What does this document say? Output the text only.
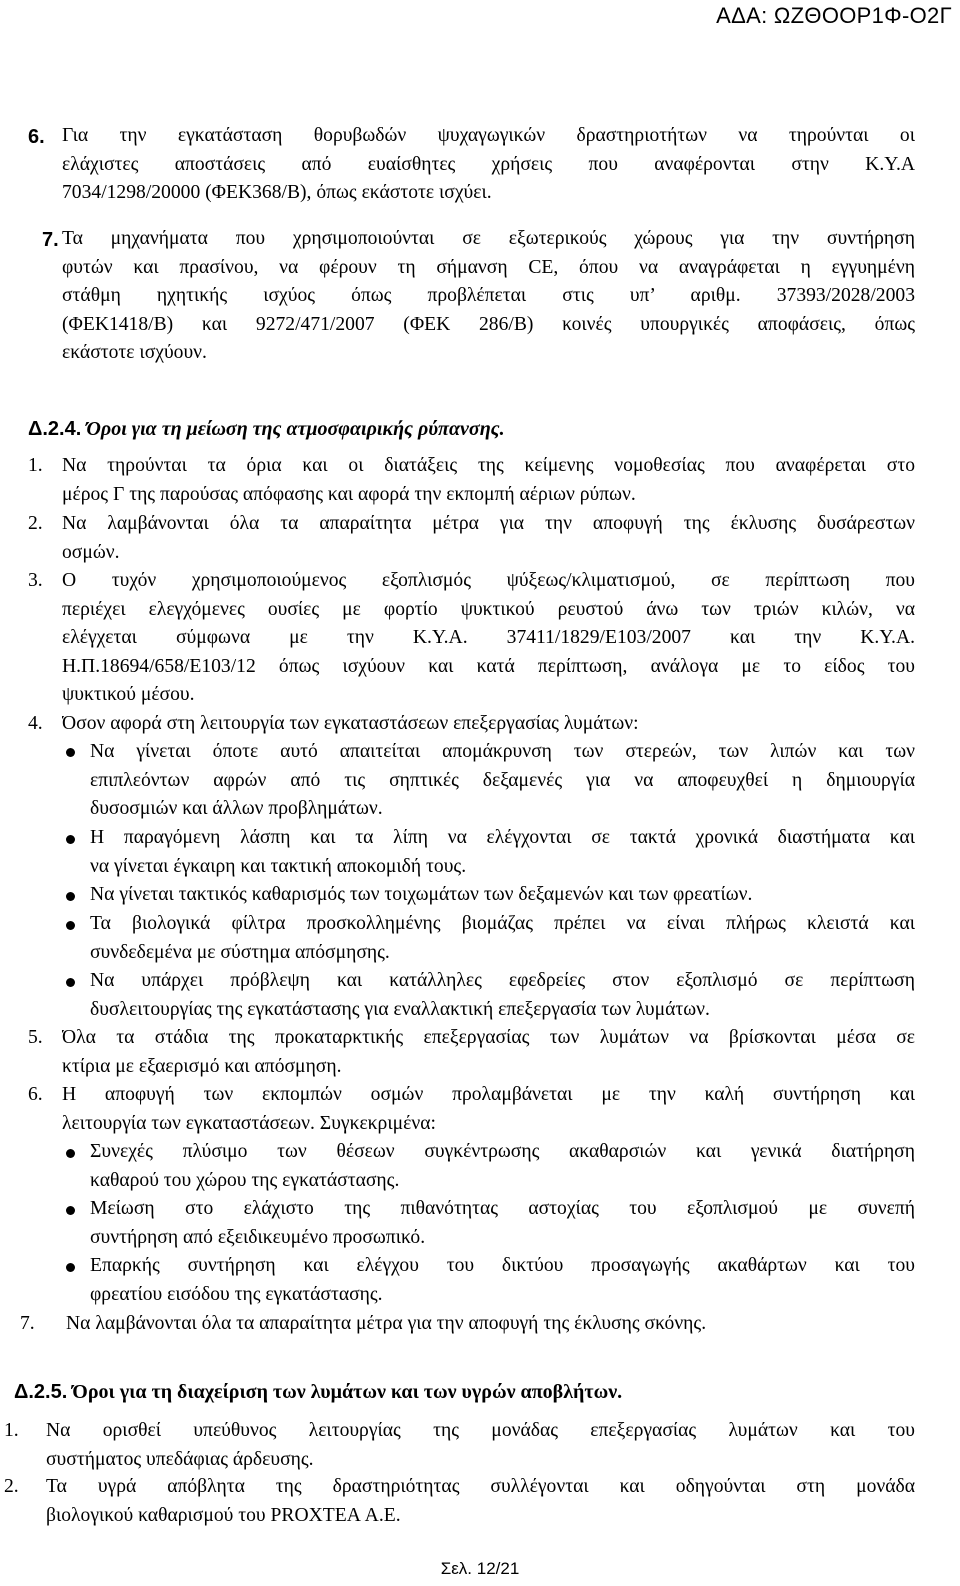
ΑΔΑ: ΩΖΘΟΟΡ1Φ-Ο2Γ
6. Για την εγκατάσταση θορυβωδών ψυχαγωγικών δραστηριοτήτων να τηρούνται οι
ελάχιστες αποστάσεις από ευαίσθητες χρήσεις που αναφέρονται στην Κ.Υ.Α
7034/1298/20000 (ΦΕΚ368/Β), όπως εκάστοτε ισχύει.
7. Τα μηχανήματα που χρησιμοποιούνται σε εξωτερικούς χώρους για την συντήρηση
φυτών και πρασίνου, να φέρουν τη σήμανση CE, όπου να αναγράφεται η εγγυημένη
στάθμη ηχητικής ισχύος όπως προβλέπεται στις υπ’ αριθμ. 37393/2028/2003
(ΦΕΚ1418/Β) και 9272/471/2007 (ΦΕΚ 286/Β) κοινές υπουργικές αποφάσεις, όπως
εκάστοτε ισχύουν.
Δ.2.4. Όροι για τη μείωση της ατμοσφαιρικής ρύπανσης.
1. Να τηρούνται τα όρια και οι διατάξεις της κείμενης νομοθεσίας που αναφέρεται στο
μέρος Γ της παρούσας απόφασης και αφορά την εκπομπή αέριων ρύπων.
2. Να λαμβάνονται όλα τα απαραίτητα μέτρα για την αποφυγή της έκλυσης δυσάρεστων
οσμών.
3. Ο τυχόν χρησιμοποιούμενος εξοπλισμός ψύξεως/κλιματισμού, σε περίπτωση που
περιέχει ελεγχόμενες ουσίες με φορτίο ψυκτικού ρευστού άνω των τριών κιλών, να
ελέγχεται σύμφωνα με την Κ.Υ.Α. 37411/1829/Ε103/2007 και την Κ.Υ.Α.
Η.Π.18694/658/Ε103/12 όπως ισχύουν και κατά περίπτωση, ανάλογα με το είδος του
ψυκτικού μέσου.
4. Όσον αφορά στη λειτουργία των εγκαταστάσεων επεξεργασίας λυμάτων:
Να γίνεται όποτε αυτό απαιτείται απομάκρυνση των στερεών, των λιπών και των
επιπλεόντων αφρών από τις σηπτικές δεξαμενές για να αποφευχθεί η δημιουργία
δυσοσμιών και άλλων προβλημάτων.
Η παραγόμενη λάσπη και τα λίπη να ελέγχονται σε τακτά χρονικά διαστήματα και
να γίνεται έγκαιρη και τακτική αποκομιδή τους.
Να γίνεται τακτικός καθαρισμός των τοιχωμάτων των δεξαμενών και των φρεατίων.
Τα βιολογικά φίλτρα προσκολλημένης βιομάζας πρέπει να είναι πλήρως κλειστά και
συνδεδεμένα με σύστημα απόσμησης.
Να υπάρχει πρόβλεψη και κατάλληλες εφεδρείες στον εξοπλισμό σε περίπτωση
δυσλειτουργίας της εγκατάστασης για εναλλακτική επεξεργασία των λυμάτων.
5. Όλα τα στάδια της προκαταρκτικής επεξεργασίας των λυμάτων να βρίσκονται μέσα σε
κτίρια με εξαερισμό και απόσμηση.
6. Η αποφυγή των εκπομπών οσμών προλαμβάνεται με την καλή συντήρηση και
λειτουργία των εγκαταστάσεων. Συγκεκριμένα:
Συνεχές πλύσιμο των θέσεων συγκέντρωσης ακαθαρσιών και γενικά διατήρηση
καθαρού του χώρου της εγκατάστασης.
Μείωση στο ελάχιστο της πιθανότητας αστοχίας του εξοπλισμού με συνεπή
συντήρηση από εξειδικευμένο προσωπικό.
Επαρκής συντήρηση και ελέγχου του δικτύου προσαγωγής ακαθάρτων και του
φρεατίου εισόδου της εγκατάστασης.
7. Να λαμβάνονται όλα τα απαραίτητα μέτρα για την αποφυγή της έκλυσης σκόνης.
Δ.2.5. Όροι για τη διαχείριση των λυμάτων και των υγρών αποβλήτων.
1. Να ορισθεί υπεύθυνος λειτουργίας της μονάδας επεξεργασίας λυμάτων και του
συστήματος υπεδάφιας άρδευσης.
2. Τα υγρά απόβλητα της δραστηριότητας συλλέγονται και οδηγούνται στη μονάδα
βιολογικού καθαρισμού του PROXTEA Α.Ε.
Σελ. 12/21
